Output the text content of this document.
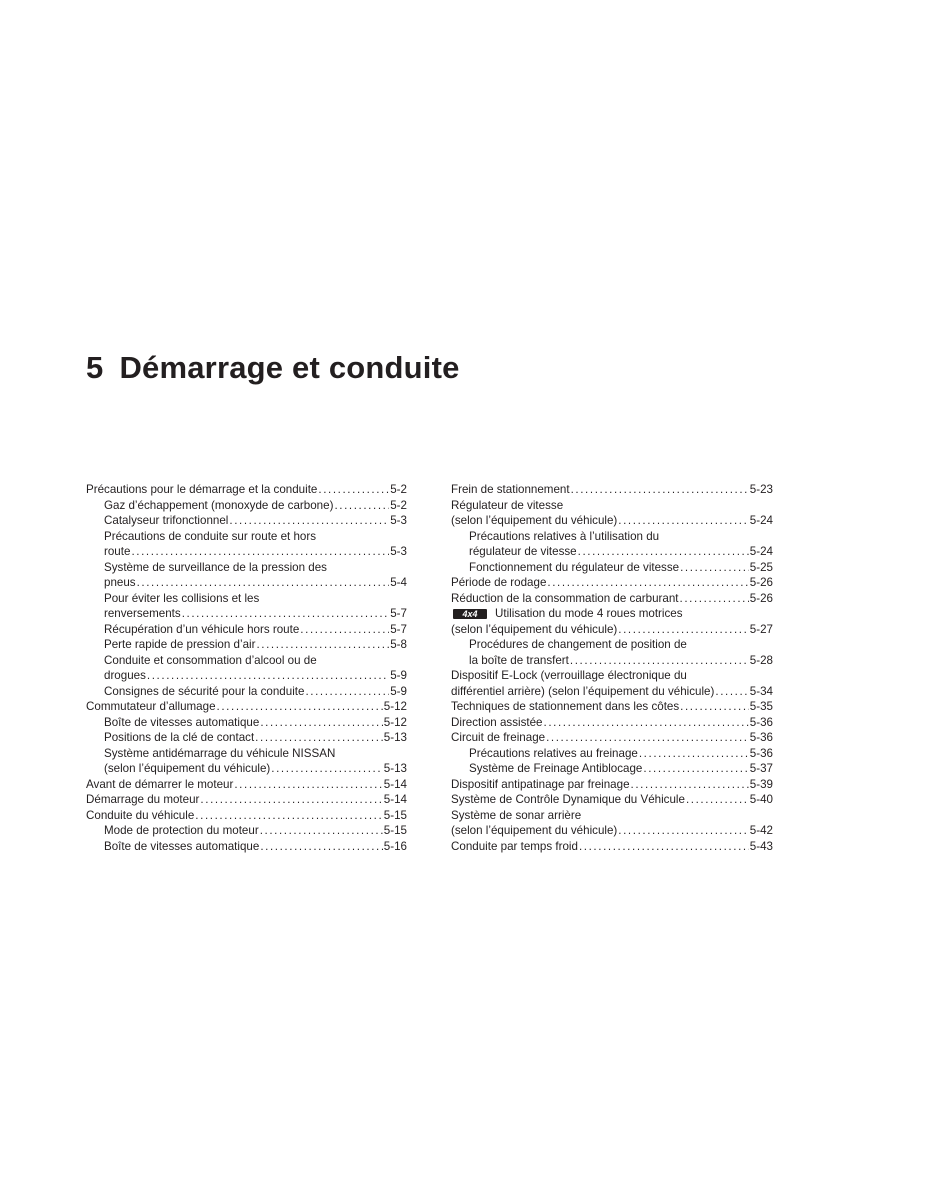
5 Démarrage et conduite
Précautions pour le démarrage et la conduite .....	5-2
Gaz d’échappement (monoxyde de carbone) .....	5-2
Catalyseur trifonctionnel .....	5-3
Précautions de conduite sur route et hors
route .....	5-3
Système de surveillance de la pression des
pneus .....	5-4
Pour éviter les collisions et les
renversements .....	5-7
Récupération d’un véhicule hors route .....	5-7
Perte rapide de pression d’air .....	5-8
Conduite et consommation d’alcool ou de
drogues .....	5-9
Consignes de sécurité pour la conduite .....	5-9
Commutateur d’allumage .....	5-12
Boîte de vitesses automatique .....	5-12
Positions de la clé de contact .....	5-13
Système antidémarrage du véhicule NISSAN
(selon l’équipement du véhicule) .....	5-13
Avant de démarrer le moteur .....	5-14
Démarrage du moteur .....	5-14
Conduite du véhicule .....	5-15
Mode de protection du moteur .....	5-15
Boîte de vitesses automatique .....	5-16
Frein de stationnement .....	5-23
Régulateur de vitesse
(selon l’équipement du véhicule) .....	5-24
Précautions relatives à l’utilisation du
régulateur de vitesse .....	5-24
Fonctionnement du régulateur de vitesse .....	5-25
Période de rodage .....	5-26
Réduction de la consommation de carburant .....	5-26
4x4	Utilisation du mode 4 roues motrices
(selon l’équipement du véhicule) .....	5-27
Procédures de changement de position de
la boîte de transfert .....	5-28
Dispositif E-Lock (verrouillage électronique du
différentiel arrière) (selon l’équipement du véhicule) .....	5-34
Techniques de stationnement dans les côtes .....	5-35
Direction assistée .....	5-36
Circuit de freinage .....	5-36
Précautions relatives au freinage .....	5-36
Système de Freinage Antiblocage .....	5-37
Dispositif antipatinage par freinage .....	5-39
Système de Contrôle Dynamique du Véhicule .....	5-40
Système de sonar arrière
(selon l’équipement du véhicule) .....	5-42
Conduite par temps froid .....	5-43
